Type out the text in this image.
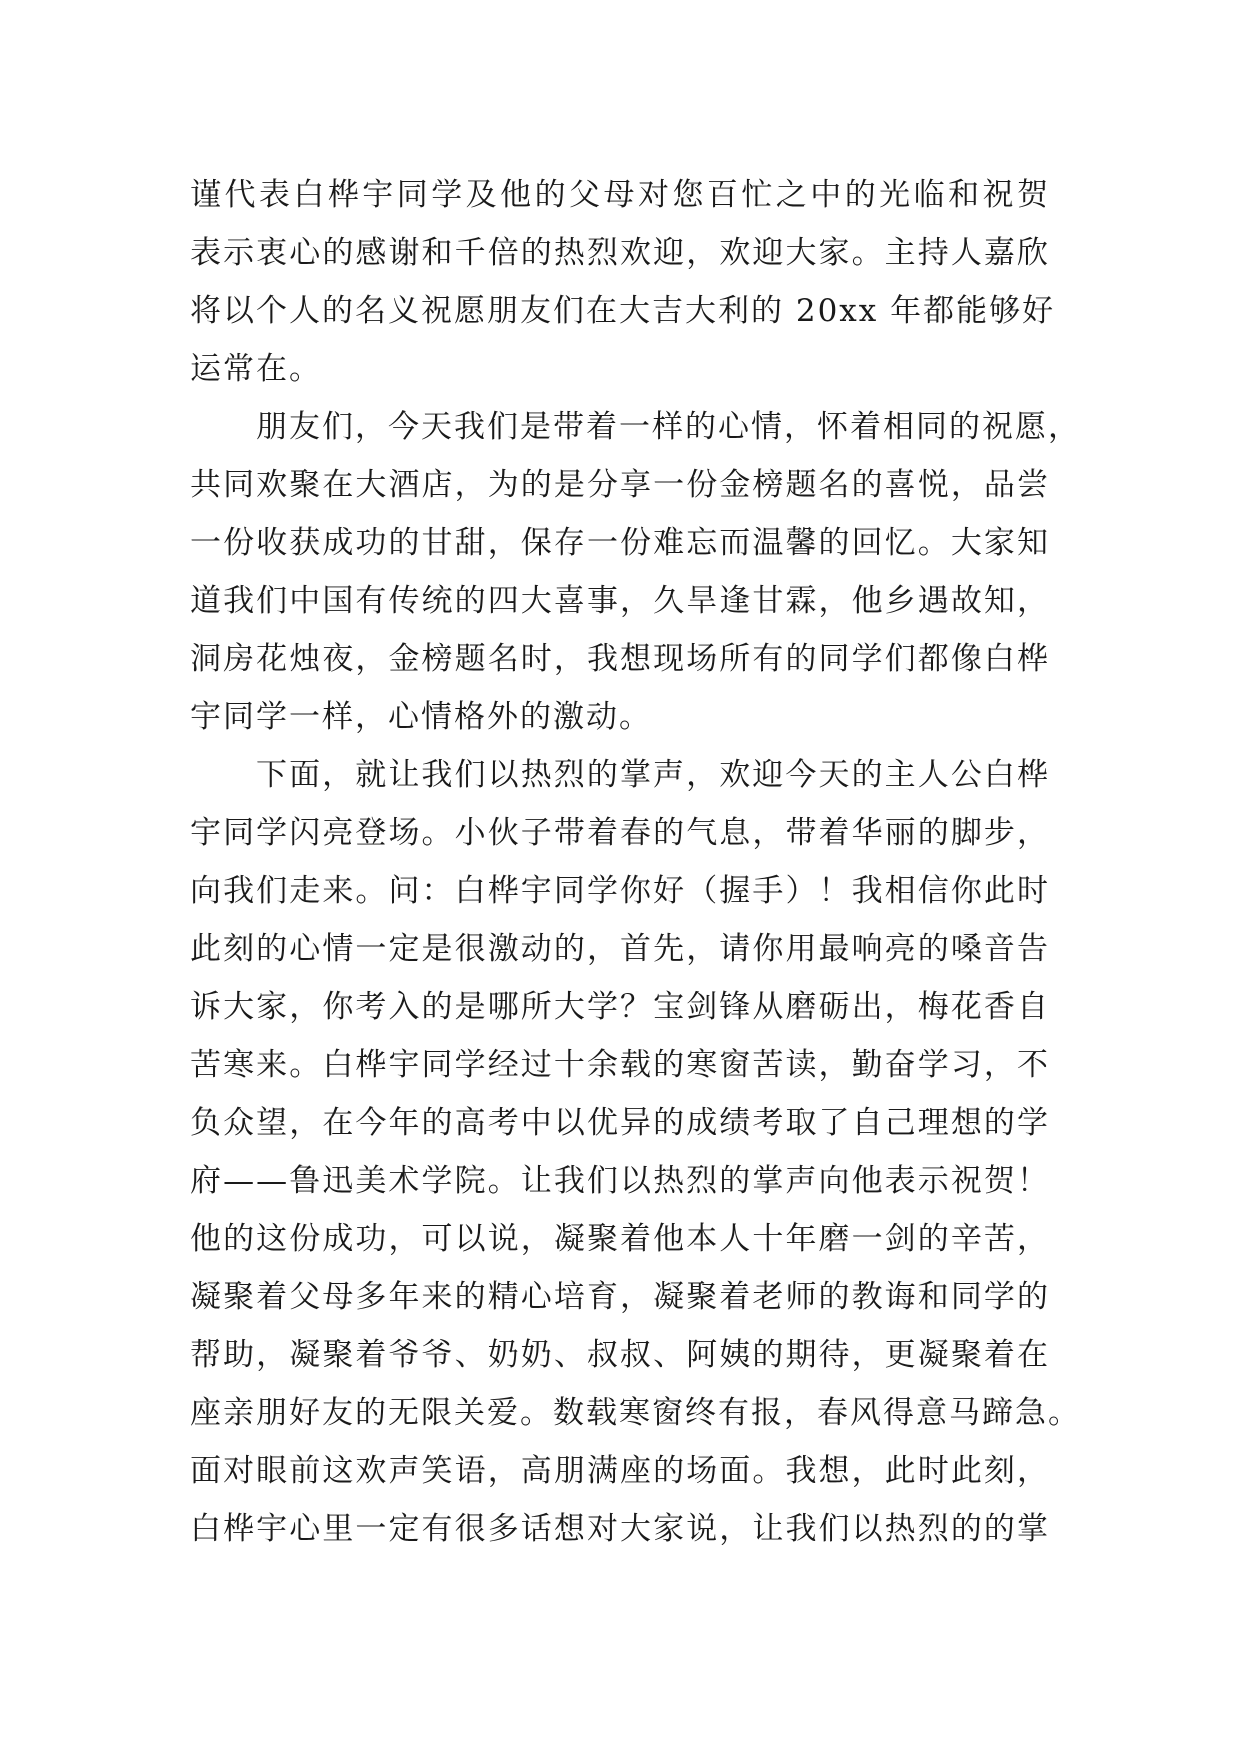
谨代表白桦宇同学及他的父母对您百忙之中的光临和祝贺
表示衷心的感谢和千倍的热烈欢迎，欢迎大家。主持人嘉欣
将以个人的名义祝愿朋友们在大吉大利的 20xx 年都能够好
运常在。
朋友们，今天我们是带着一样的心情，怀着相同的祝愿，
共同欢聚在大酒店，为的是分享一份金榜题名的喜悦，品尝
一份收获成功的甘甜，保存一份难忘而温馨的回忆。大家知
道我们中国有传统的四大喜事，久旱逢甘霖，他乡遇故知，
洞房花烛夜，金榜题名时，我想现场所有的同学们都像白桦
宇同学一样，心情格外的激动。
下面，就让我们以热烈的掌声，欢迎今天的主人公白桦
宇同学闪亮登场。小伙子带着春的气息，带着华丽的脚步，
向我们走来。问：白桦宇同学你好（握手）！我相信你此时
此刻的心情一定是很激动的，首先，请你用最响亮的嗓音告
诉大家，你考入的是哪所大学？宝剑锋从磨砺出，梅花香自
苦寒来。白桦宇同学经过十余载的寒窗苦读，勤奋学习，不
负众望，在今年的高考中以优异的成绩考取了自己理想的学
府——鲁迅美术学院。让我们以热烈的掌声向他表示祝贺！
他的这份成功，可以说，凝聚着他本人十年磨一剑的辛苦，
凝聚着父母多年来的精心培育，凝聚着老师的教诲和同学的
帮助，凝聚着爷爷、奶奶、叔叔、阿姨的期待，更凝聚着在
座亲朋好友的无限关爱。数载寒窗终有报，春风得意马蹄急。
面对眼前这欢声笑语，高朋满座的场面。我想，此时此刻，
白桦宇心里一定有很多话想对大家说，让我们以热烈的的掌
